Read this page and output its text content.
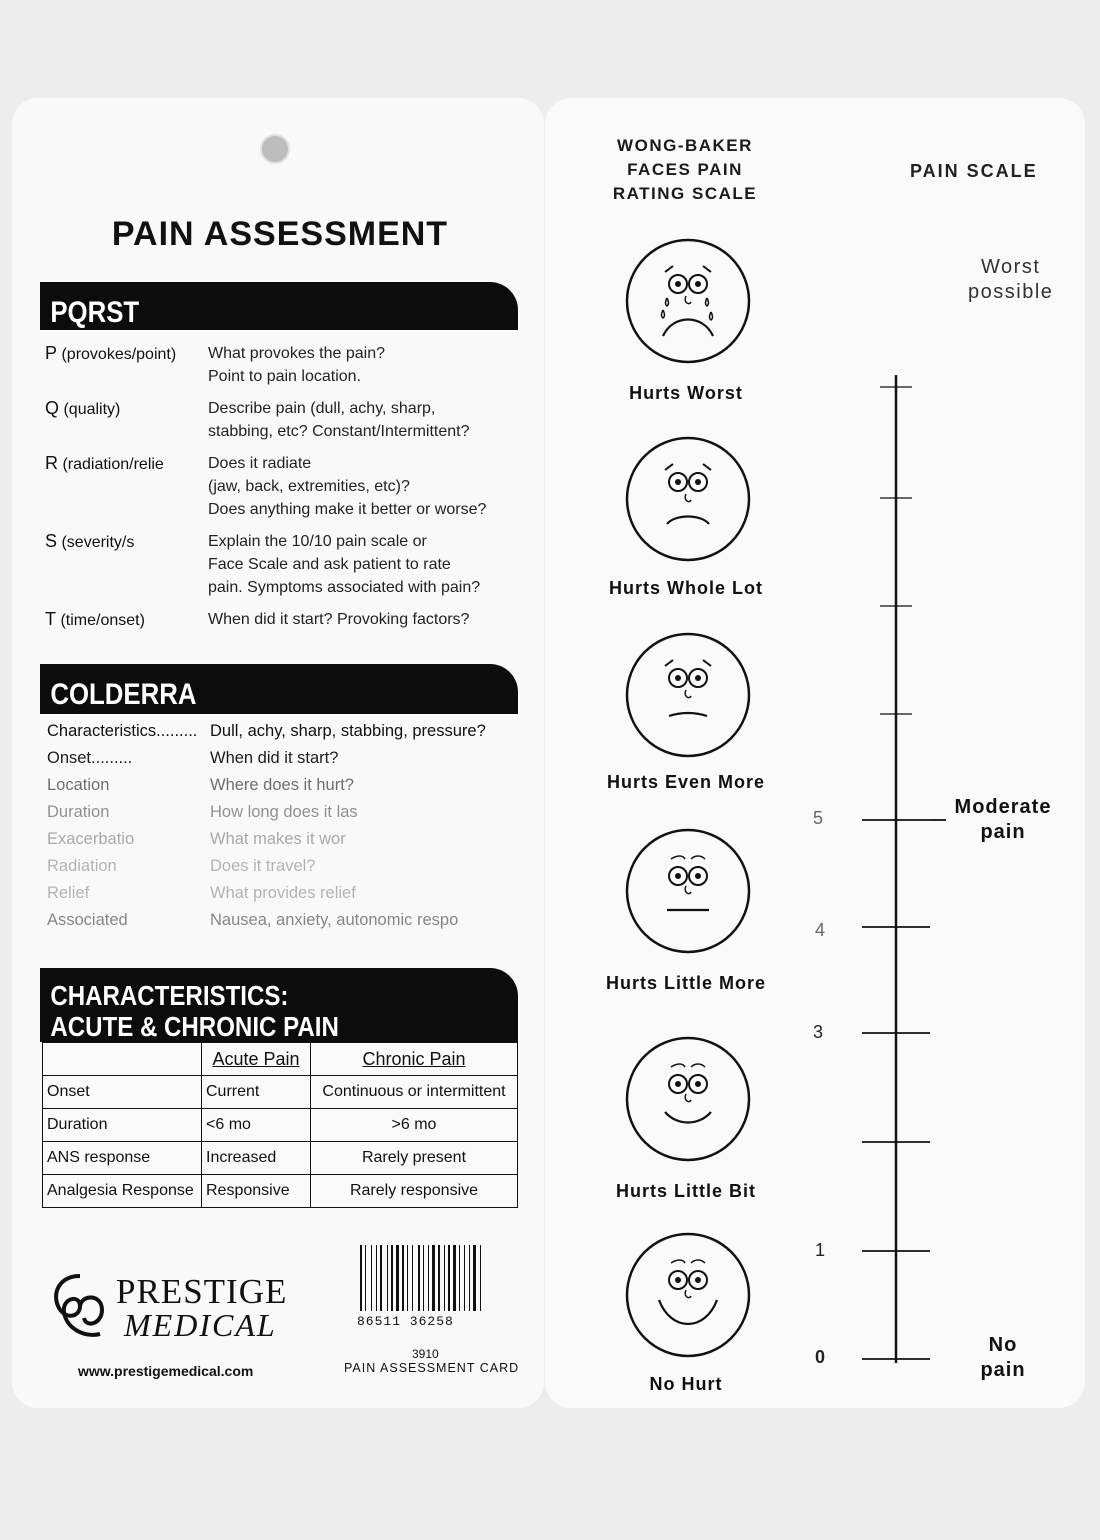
PAIN ASSESSMENT
PQRST
P (provokes/point)	What provokes the pain?
Point to pain location.
Q (quality)	Describe pain (dull, achy, sharp,
stabbing, etc? Constant/Intermittent?
R (radiation/relie	Does it radiate
(jaw, back, extremities, etc)?
Does anything make it better or worse?
S (severity/s	Explain the 10/10 pain scale or
Face Scale and ask patient to rate
pain. Symptoms associated with pain?
T (time/onset)	When did it start? Provoking factors?
COLDERRA
Characteristics......... Dull, achy, sharp, stabbing, pressure?
Onset.........	When did it start?
Location	Where does it hurt?
Duration	How long does it las
Exacerbatio	What makes it wor
Radiation	Does it travel?
Relief	What provides relief
Associated	Nausea, anxiety, autonomic respo
CHARACTERISTICS:
ACUTE & CHRONIC PAIN
	Acute Pain	Chronic Pain
Onset	Current	Continuous or intermittent
Duration	<6 mo	>6 mo
ANS response	Increased	Rarely present
Analgesia Response	Responsive	Rarely responsive
PRESTIGE
MEDICAL
www.prestigemedical.com
86511 36258
3910
PAIN ASSESSMENT CARD
WONG-BAKER
FACES PAIN
RATING SCALE
Hurts Worst
Hurts Whole Lot
Hurts Even More
Hurts Little More
Hurts Little Bit
No Hurt
PAIN SCALE
Worst
possible
Moderate
pain
No
pain
0
1
3
4
5
